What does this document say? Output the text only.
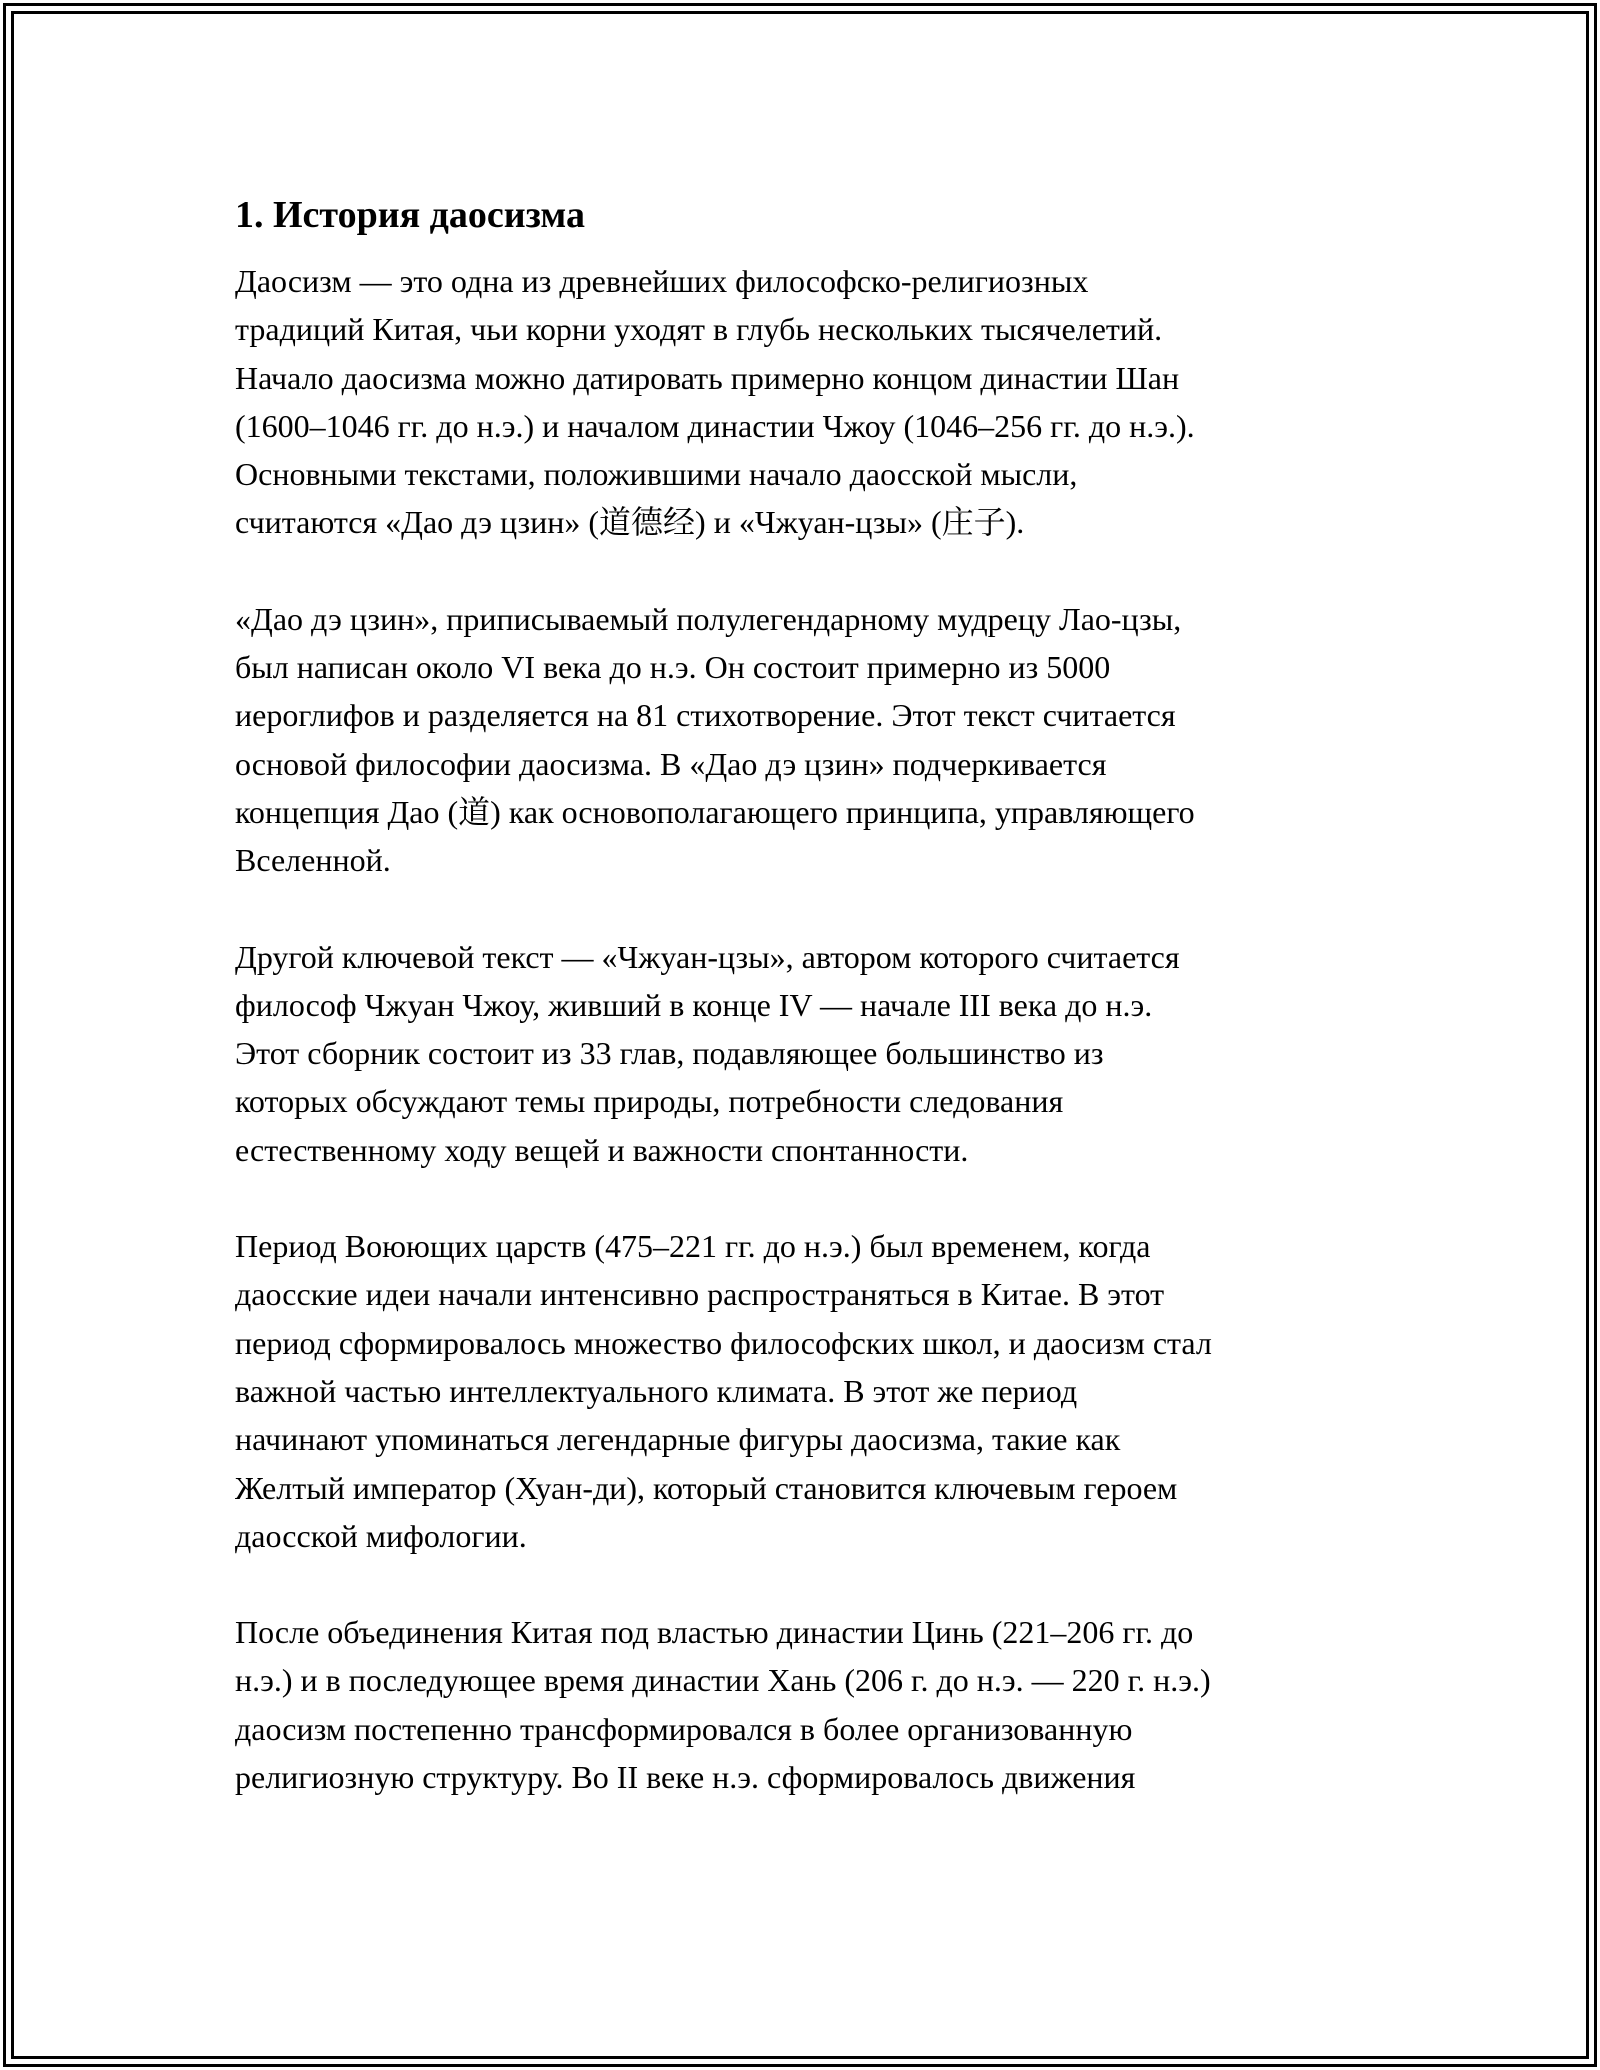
1. История даосизма

Даосизм — это одна из древнейших философско-религиозных
традиций Китая, чьи корни уходят в глубь нескольких тысячелетий.
Начало даосизма можно датировать примерно концом династии Шан
(1600–1046 гг. до н.э.) и началом династии Чжоу (1046–256 гг. до н.э.).
Основными текстами, положившими начало даосской мысли,
считаются «Дао дэ цзин» (道德经) и «Чжуан-цзы» (庄子).

«Дао дэ цзин», приписываемый полулегендарному мудрецу Лао-цзы,
был написан около VI века до н.э. Он состоит примерно из 5000
иероглифов и разделяется на 81 стихотворение. Этот текст считается
основой философии даосизма. В «Дао дэ цзин» подчеркивается
концепция Дао (道) как основополагающего принципа, управляющего
Вселенной.

Другой ключевой текст — «Чжуан-цзы», автором которого считается
философ Чжуан Чжоу, живший в конце IV — начале III века до н.э.
Этот сборник состоит из 33 глав, подавляющее большинство из
которых обсуждают темы природы, потребности следования
естественному ходу вещей и важности спонтанности.

Период Воюющих царств (475–221 гг. до н.э.) был временем, когда
даосские идеи начали интенсивно распространяться в Китае. В этот
период сформировалось множество философских школ, и даосизм стал
важной частью интеллектуального климата. В этот же период
начинают упоминаться легендарные фигуры даосизма, такие как
Желтый император (Хуан-ди), который становится ключевым героем
даосской мифологии.

После объединения Китая под властью династии Цинь (221–206 гг. до
н.э.) и в последующее время династии Хань (206 г. до н.э. — 220 г. н.э.)
даосизм постепенно трансформировался в более организованную
религиозную структуру. Во II веке н.э. сформировалось движения
